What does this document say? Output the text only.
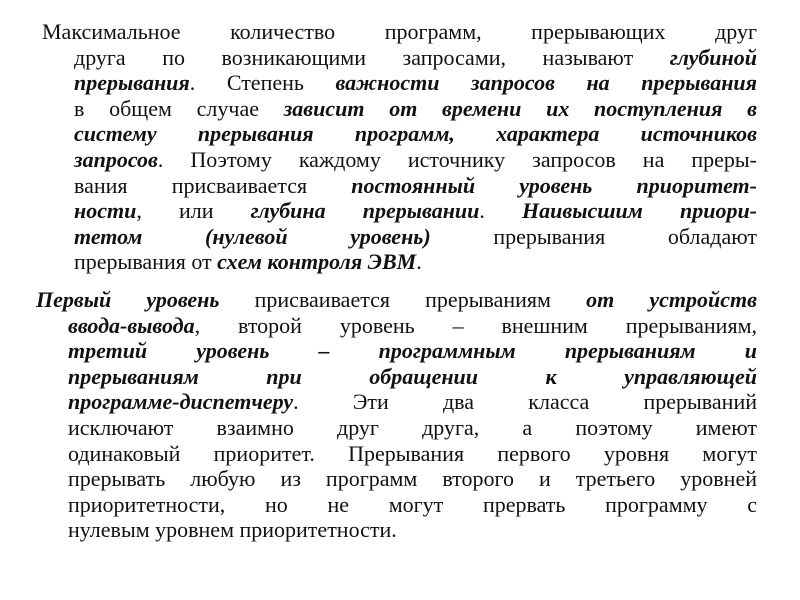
Максимальное количество программ, прерывающих друг
друга по возникающими запросами, называют глубиной
прерывания. Степень важности запросов на прерывания
в общем случае зависит от времени их поступления в
систему прерывания программ, характера источников
запросов. Поэтому каждому источнику запросов на преры-
вания присваивается постоянный уровень приоритет-
ности, или глубина прерывании. Наивысшим приори-
тетом (нулевой уровень) прерывания обладают
прерывания от схем контроля ЭВМ.
Первый уровень присваивается прерываниям от устройств
ввода-вывода, второй уровень – внешним прерываниям,
третий уровень – программным прерываниям и
прерываниям при обращении к управляющей
программе-диспетчеру. Эти два класса прерываний
исключают взаимно друг друга, а поэтому имеют
одинаковый приоритет. Прерывания первого уровня могут
прерывать любую из программ второго и третьего уровней
приоритетности, но не могут прервать программу с
нулевым уровнем приоритетности.
